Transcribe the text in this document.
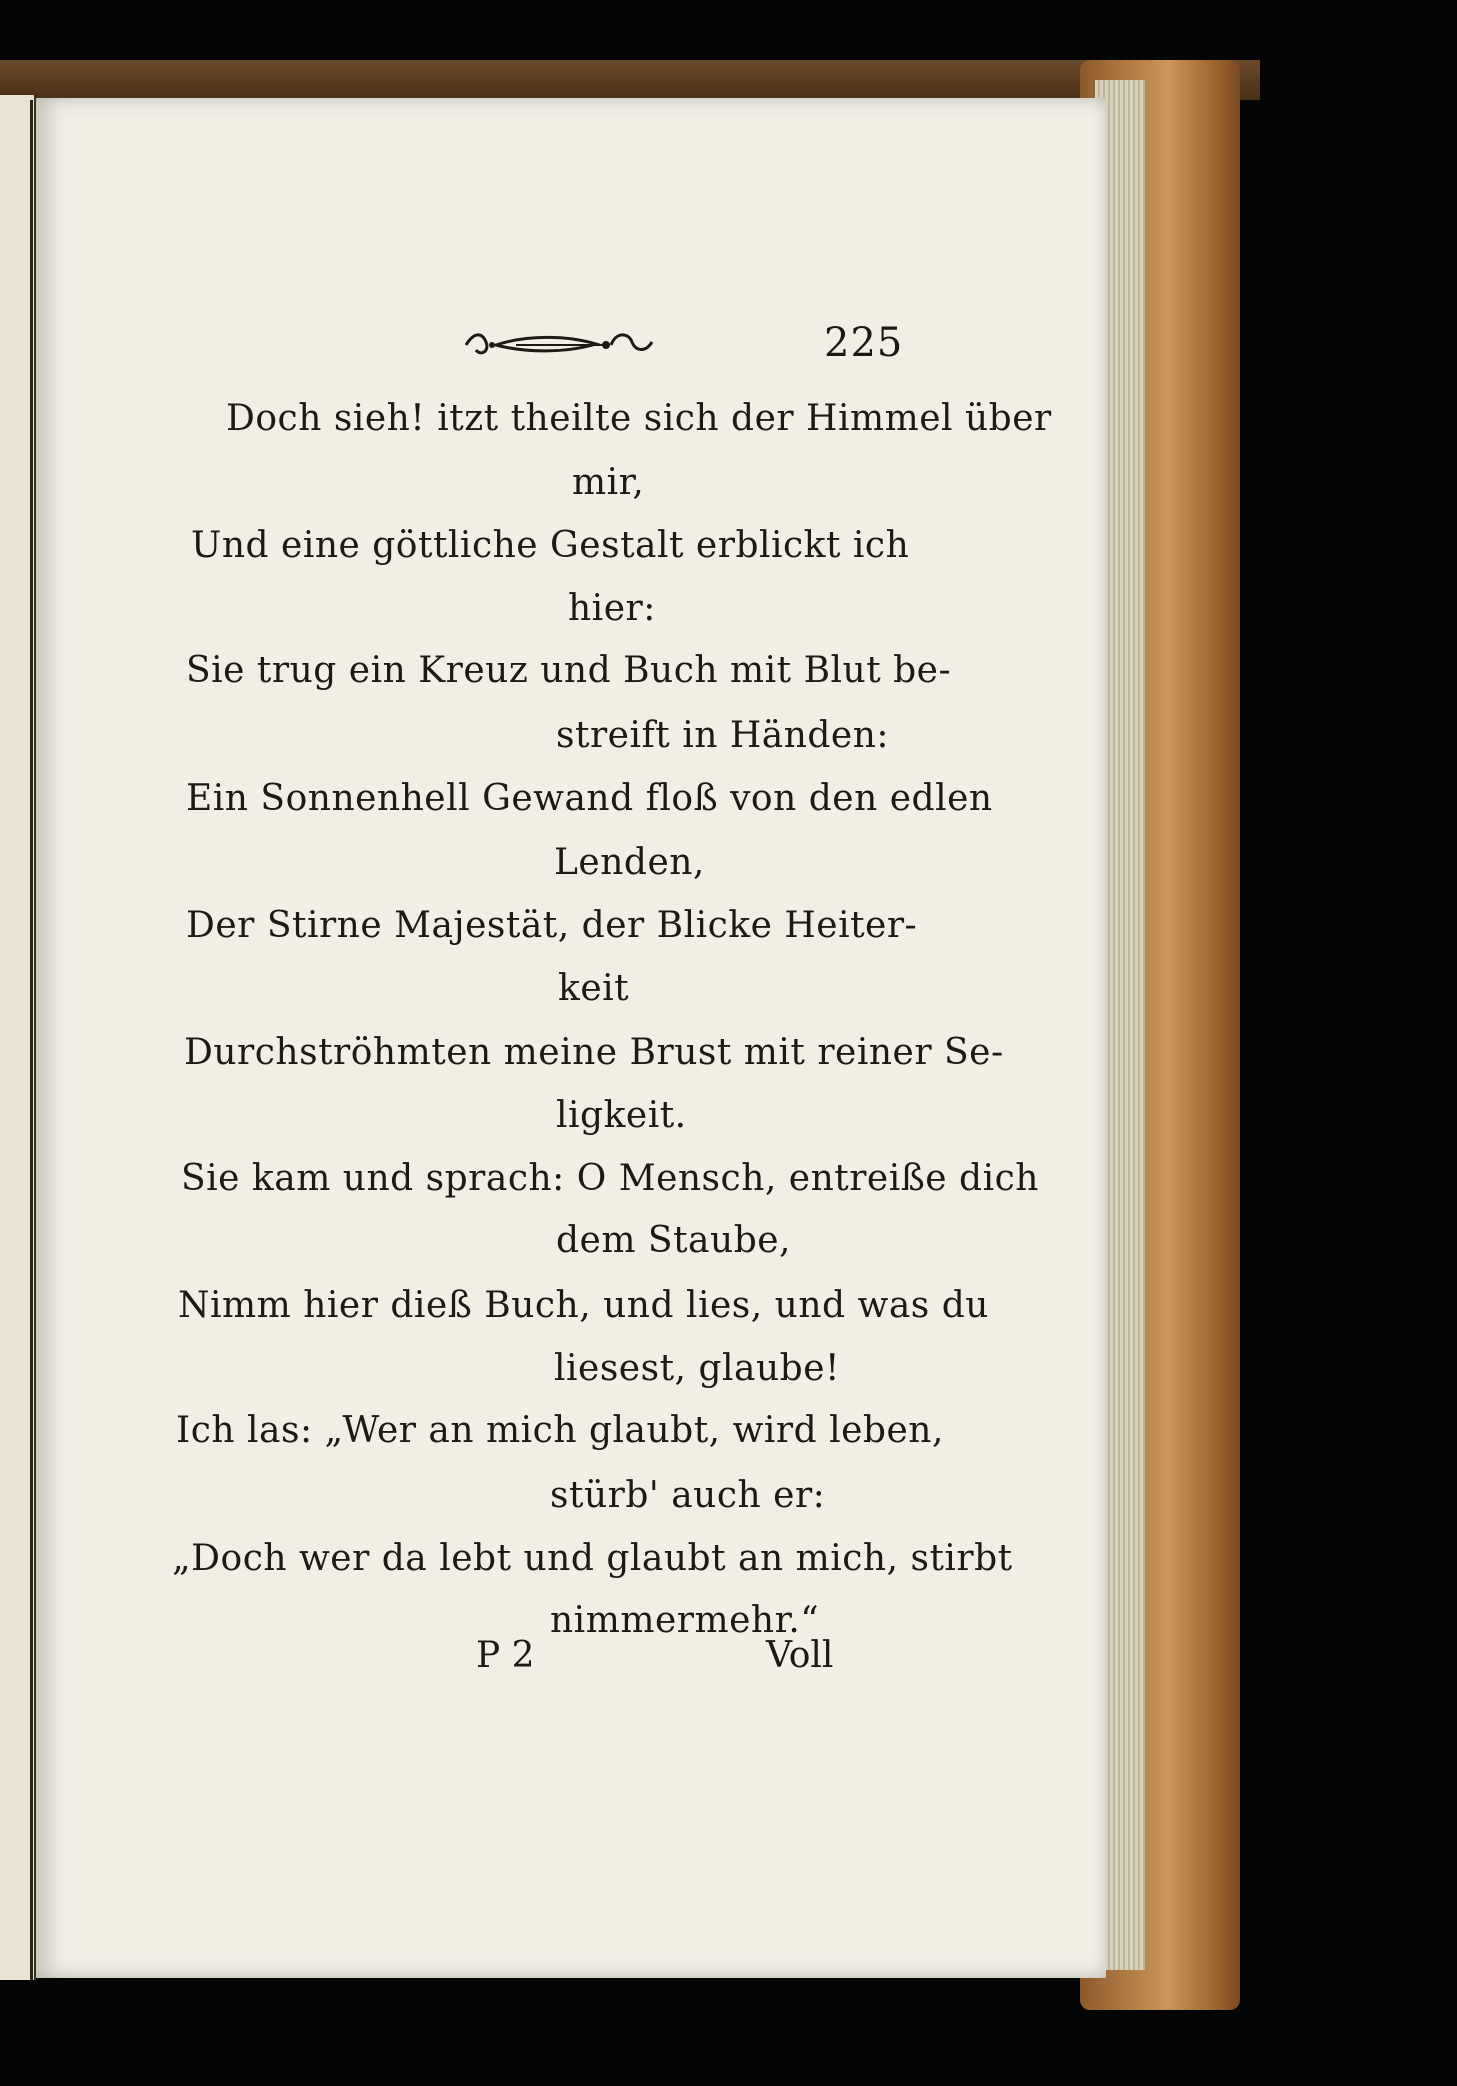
225
Doch sieh! itzt theilte sich der Himmel über
mir,
Und eine göttliche Gestalt erblickt ich
hier:
Sie trug ein Kreuz und Buch mit Blut be-
streift in Händen:
Ein Sonnenhell Gewand floß von den edlen
Lenden,
Der Stirne Majestät, der Blicke Heiter-
keit
Durchströhmten meine Brust mit reiner Se-
ligkeit.
Sie kam und sprach: O Mensch, entreiße dich
dem Staube,
Nimm hier dieß Buch, und lies, und was du
liesest, glaube!
Ich las: „Wer an mich glaubt, wird leben,
stürb' auch er:
„Doch wer da lebt und glaubt an mich, stirbt
nimmermehr.“
P 2	Voll
